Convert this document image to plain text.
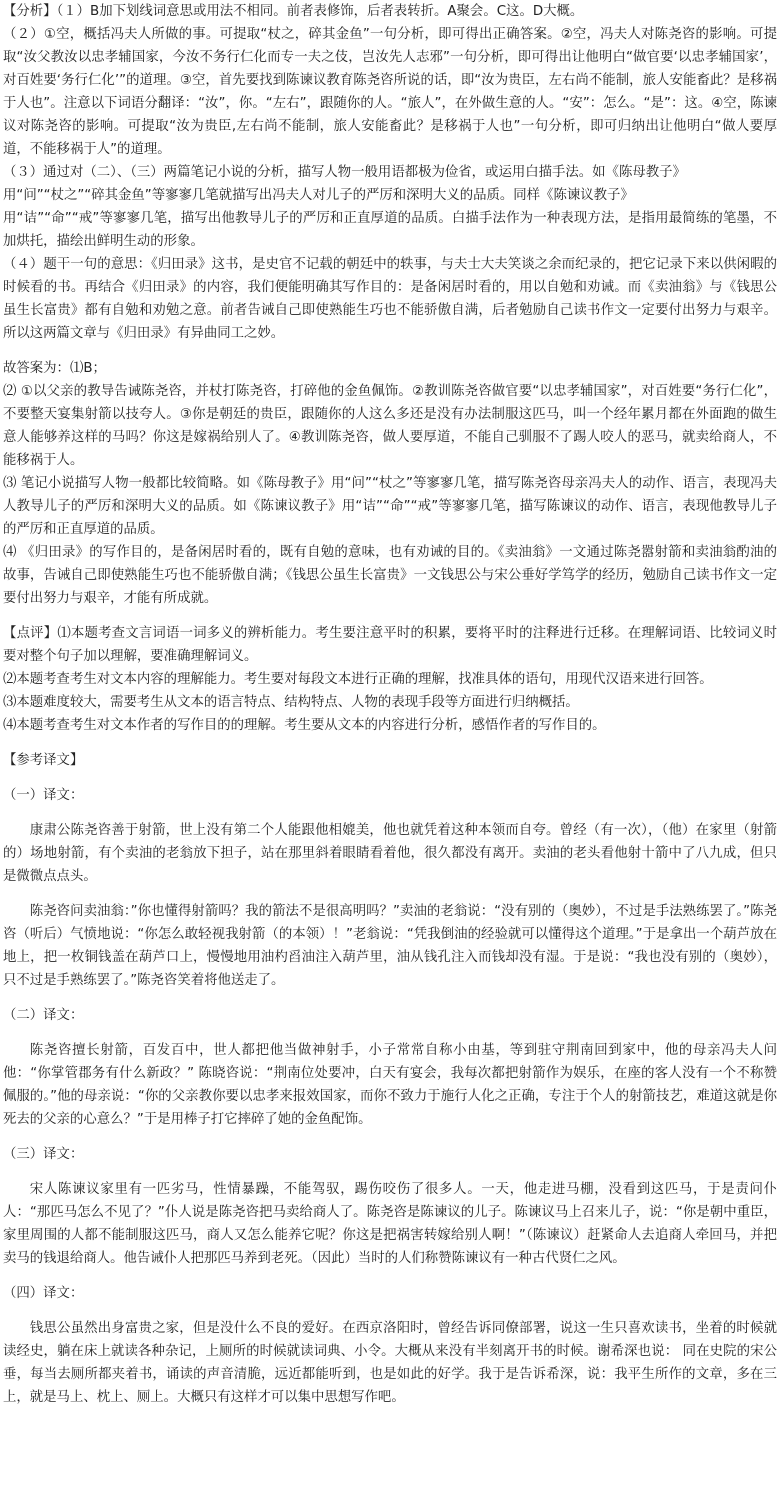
【分析】（１）B加下划线词意思或用法不相同。前者表修饰，后者表转折。A聚会。C这。D大概。

（２）①空，概括冯夫人所做的事。可提取“杖之，碎其金鱼”一句分析，即可得出正确答案。②空，冯夫人对陈尧咨的影响。可提取“汝父教汝以忠孝辅国家，今汝不务行仁化而专一夫之伎，岂汝先人志邪”一句分析，即可得出让他明白“做官要‘以忠孝辅国家’，对百姓要‘务行仁化’”的道理。③空，首先要找到陈谏议教育陈尧咨所说的话，即“汝为贵臣，左右尚不能制，旅人安能畜此？是移祸于人也”。注意以下词语分翻译：“汝”，你。“左右”，跟随你的人。“旅人”，在外做生意的人。“安”：怎么。“是”：这。④空，陈谏议对陈尧咨的影响。可提取“汝为贵臣,左右尚不能制，旅人安能畜此？是移祸于人也”一句分析，即可归纳出让他明白“做人要厚道，不能移祸于人”的道理。

（３）通过对（二）、（三）两篇笔记小说的分析，描写人物一般用语都极为俭省，或运用白描手法。如《陈母教子》
用“问”“杖之”“碎其金鱼”等寥寥几笔就描写出冯夫人对儿子的严厉和深明大义的品质。同样《陈谏议教子》
用“诘”“命”“戒”等寥寥几笔，描写出他教导儿子的严厉和正直厚道的品质。白描手法作为一种表现方法，是指用最简练的笔墨，不加烘托，描绘出鲜明生动的形象。

（４）题干一句的意思：《归田录》这书，是史官不记载的朝廷中的轶事，与夫士大夫笑谈之余而纪录的，把它记录下来以供闲暇的时候看的书。再结合《归田录》的内容，我们便能明确其写作目的：是备闲居时看的，用以自勉和劝诫。而《卖油翁》与《钱思公虽生长富贵》都有自勉和劝勉之意。前者告诫自己即使熟能生巧也不能骄傲自满，后者勉励自己读书作文一定要付出努力与艰辛。所以这两篇文章与《归田录》有异曲同工之妙。

故答案为：⑴B；

⑵ ①以父亲的教导告诫陈尧咨，并杖打陈尧咨，打碎他的金鱼佩饰。②教训陈尧咨做官要“以忠孝辅国家”，对百姓要“务行仁化”，不要整天宴集射箭以技夸人。③你是朝廷的贵臣，跟随你的人这么多还是没有办法制服这匹马，叫一个经年累月都在外面跑的做生意人能够养这样的马吗？你这是嫁祸给别人了。④教训陈尧咨，做人要厚道，不能自己驯服不了踢人咬人的恶马，就卖给商人，不能移祸于人。

⑶ 笔记小说描写人物一般都比较简略。如《陈母教子》用“问”“杖之”等寥寥几笔，描写陈尧咨母亲冯夫人的动作、语言，表现冯夫人教导儿子的严厉和深明大义的品质。如《陈谏议教子》用“诘”“命”“戒”等寥寥几笔，描写陈谏议的动作、语言，表现他教导儿子的严厉和正直厚道的品质。

⑷ 《归田录》的写作目的，是备闲居时看的，既有自勉的意味，也有劝诫的目的。《卖油翁》一文通过陈尧嚣射箭和卖油翁酌油的故事，告诫自己即使熟能生巧也不能骄傲自满；《钱思公虽生长富贵》一文钱思公与宋公垂好学笃学的经历，勉励自己读书作文一定要付出努力与艰辛，才能有所成就。

【点评】⑴本题考查文言词语一词多义的辨析能力。考生要注意平时的积累，要将平时的注释进行迁移。在理解词语、比较词义时要对整个句子加以理解，要准确理解词义。

⑵本题考查考生对文本内容的理解能力。考生要对每段文本进行正确的理解，找准具体的语句，用现代汉语来进行回答。

⑶本题难度较大，需要考生从文本的语言特点、结构特点、人物的表现手段等方面进行归纳概括。

⑷本题考查考生对文本作者的写作目的的理解。考生要从文本的内容进行分析，感悟作者的写作目的。

【参考译文】

（一）译文：

康肃公陈尧咨善于射箭，世上没有第二个人能跟他相媲美，他也就凭着这种本领而自夸。曾经（有一次），（他）在家里（射箭的）场地射箭，有个卖油的老翁放下担子，站在那里斜着眼睛看着他，很久都没有离开。卖油的老头看他射十箭中了八九成，但只是微微点点头。

陈尧咨问卖油翁：”你也懂得射箭吗？我的箭法不是很高明吗？”卖油的老翁说：“没有别的（奥妙），不过是手法熟练罢了。”陈尧咨（听后）气愤地说：“你怎么敢轻视我射箭（的本领）！”老翁说：“凭我倒油的经验就可以懂得这个道理。”于是拿出一个葫芦放在地上，把一枚铜钱盖在葫芦口上，慢慢地用油杓舀油注入葫芦里，油从钱孔注入而钱却没有湿。于是说：“我也没有别的（奥妙），只不过是手熟练罢了。”陈尧咨笑着将他送走了。

（二）译文：

陈尧咨擅长射箭，百发百中，世人都把他当做神射手，小子常常自称小由基，等到驻守荆南回到家中，他的母亲冯夫人问他：“你掌管郡务有什么新政？” 陈晓咨说：“荆南位处要冲，白天有宴会，我每次都把射箭作为娱乐，在座的客人没有一个不称赞佩服的。”他的母亲说：“你的父亲教你要以忠孝来报效国家，而你不致力于施行人化之正确，专注于个人的射箭技艺，难道这就是你死去的父亲的心意么？”于是用棒子打它摔碎了她的金鱼配饰。

（三）译文：

宋人陈谏议家里有一匹劣马，性情暴躁，不能驾驭，踢伤咬伤了很多人。一天，他走进马棚，没看到这匹马，于是责问仆人：“那匹马怎么不见了？”仆人说是陈尧咨把马卖给商人了。陈尧咨是陈谏议的儿子。陈谏议马上召来儿子，说：“你是朝中重臣，家里周围的人都不能制服这匹马，商人又怎么能养它呢？你这是把祸害转嫁给别人啊！”（陈谏议）赶紧命人去追商人牵回马，并把卖马的钱退给商人。他告诫仆人把那匹马养到老死。（因此）当时的人们称赞陈谏议有一种古代贤仁之风。

（四）译文：

钱思公虽然出身富贵之家，但是没什么不良的爱好。在西京洛阳时，曾经告诉同僚部署，说这一生只喜欢读书，坐着的时候就读经史，躺在床上就读各种杂记，上厕所的时候就读词典、小令。大概从来没有半刻离开书的时候。谢希深也说： 同在史院的宋公垂，每当去厕所都夹着书，诵读的声音清脆，远近都能听到，也是如此的好学。我于是告诉希深，说：我平生所作的文章，多在三上，就是马上、枕上、厕上。大概只有这样才可以集中思想写作吧。
